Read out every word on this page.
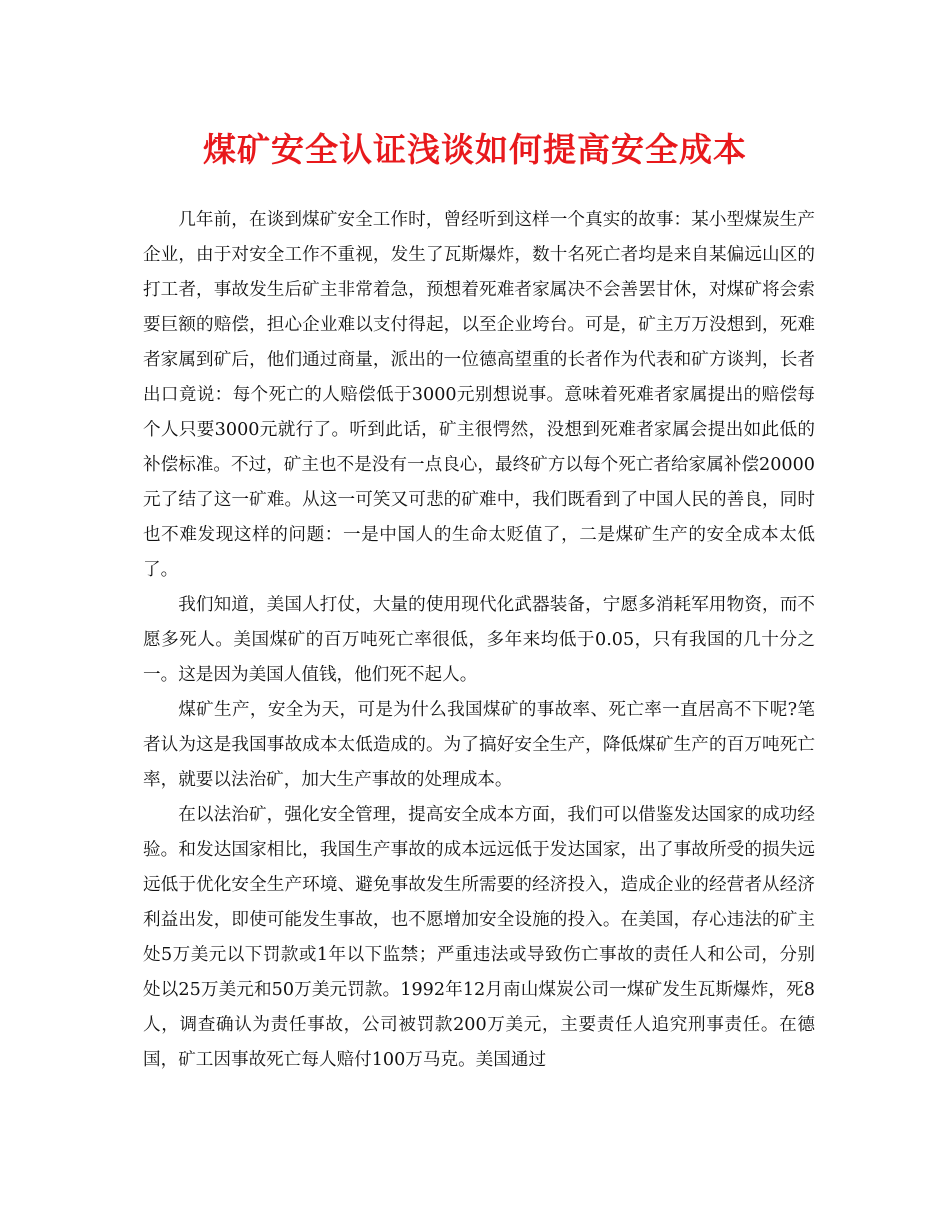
煤矿安全认证浅谈如何提高安全成本

几年前，在谈到煤矿安全工作时，曾经听到这样一个真实的故事：某小型煤炭生产企业，由于对安全工作不重视，发生了瓦斯爆炸，数十名死亡者均是来自某偏远山区的打工者，事故发生后矿主非常着急，预想着死难者家属决不会善罢甘休，对煤矿将会索要巨额的赔偿，担心企业难以支付得起，以至企业垮台。可是，矿主万万没想到，死难者家属到矿后，他们通过商量，派出的一位德高望重的长者作为代表和矿方谈判，长者出口竟说：每个死亡的人赔偿低于3000元别想说事。意味着死难者家属提出的赔偿每个人只要3000元就行了。听到此话，矿主很愕然，没想到死难者家属会提出如此低的补偿标准。不过，矿主也不是没有一点良心，最终矿方以每个死亡者给家属补偿20000元了结了这一矿难。从这一可笑又可悲的矿难中，我们既看到了中国人民的善良，同时也不难发现这样的问题：一是中国人的生命太贬值了，二是煤矿生产的安全成本太低了。

我们知道，美国人打仗，大量的使用现代化武器装备，宁愿多消耗军用物资，而不愿多死人。美国煤矿的百万吨死亡率很低，多年来均低于0.05，只有我国的几十分之一。这是因为美国人值钱，他们死不起人。

煤矿生产，安全为天，可是为什么我国煤矿的事故率、死亡率一直居高不下呢?笔者认为这是我国事故成本太低造成的。为了搞好安全生产，降低煤矿生产的百万吨死亡率，就要以法治矿，加大生产事故的处理成本。

在以法治矿，强化安全管理，提高安全成本方面，我们可以借鉴发达国家的成功经验。和发达国家相比，我国生产事故的成本远远低于发达国家，出了事故所受的损失远远低于优化安全生产环境、避免事故发生所需要的经济投入，造成企业的经营者从经济利益出发，即使可能发生事故，也不愿增加安全设施的投入。在美国，存心违法的矿主处5万美元以下罚款或1年以下监禁；严重违法或导致伤亡事故的责任人和公司，分别处以25万美元和50万美元罚款。1992年12月南山煤炭公司一煤矿发生瓦斯爆炸，死8人，调查确认为责任事故，公司被罚款200万美元，主要责任人追究刑事责任。在德国，矿工因事故死亡每人赔付100万马克。美国通过
